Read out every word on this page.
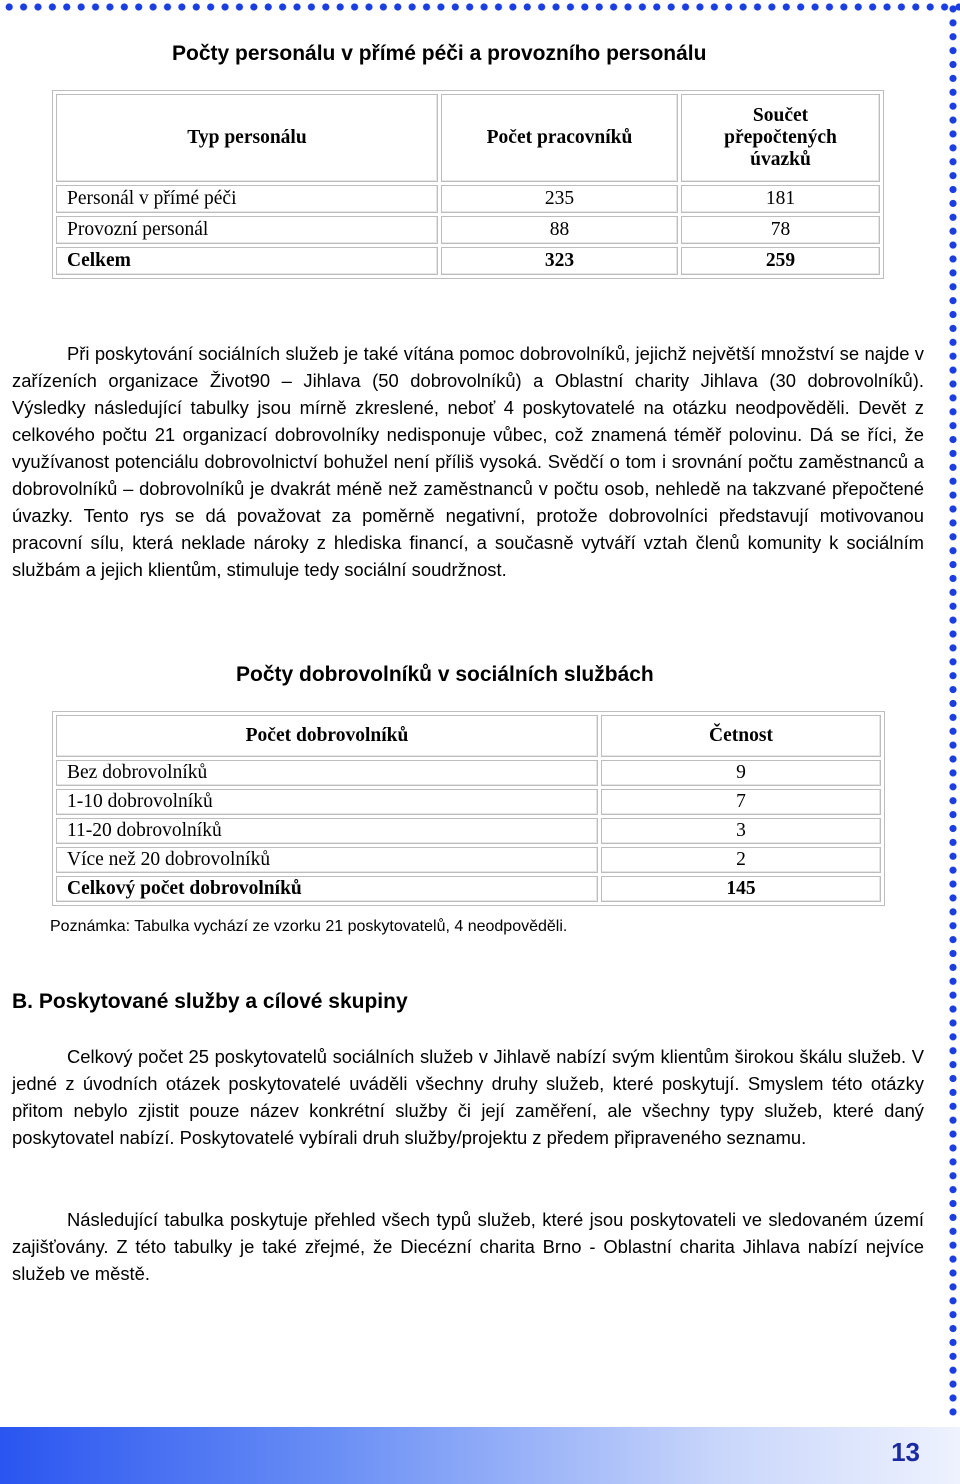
Počty personálu v přímé péči a provozního personálu
Typ personálu	Počet pracovníků	Součet přepočtených úvazků
Personál v přímé péči	235	181
Provozní personál	88	78
Celkem	323	259

Při poskytování sociálních služeb je také vítána pomoc dobrovolníků, jejichž největší množství se najde v zařízeních organizace Život90 – Jihlava (50 dobrovolníků) a Oblastní charity Jihlava (30 dobrovolníků). Výsledky následující tabulky jsou mírně zkreslené, neboť 4 poskytovatelé na otázku neodpověděli. Devět z celkového počtu 21 organizací dobrovolníky nedisponuje vůbec, což znamená téměř polovinu. Dá se říci, že využívanost potenciálu dobrovolnictví bohužel není příliš vysoká. Svědčí o tom i srovnání počtu zaměstnanců a dobrovolníků – dobrovolníků je dvakrát méně než zaměstnanců v počtu osob, nehledě na takzvané přepočtené úvazky. Tento rys se dá považovat za poměrně negativní, protože dobrovolníci představují motivovanou pracovní sílu, která neklade nároky z hlediska financí, a současně vytváří vztah členů komunity k sociálním službám a jejich klientům, stimuluje tedy sociální soudržnost.

Počty dobrovolníků v sociálních službách
Počet dobrovolníků	Četnost
Bez dobrovolníků	9
1-10 dobrovolníků	7
11-20 dobrovolníků	3
Více než 20 dobrovolníků	2
Celkový počet dobrovolníků	145
Poznámka: Tabulka vychází ze vzorku 21 poskytovatelů, 4 neodpověděli.
B. Poskytované služby a cílové skupiny

Celkový počet 25 poskytovatelů sociálních služeb v Jihlavě nabízí svým klientům širokou škálu služeb. V jedné z úvodních otázek poskytovatelé uváděli všechny druhy služeb, které poskytují. Smyslem této otázky přitom nebylo zjistit pouze název konkrétní služby či její zaměření, ale všechny typy služeb, které daný poskytovatel nabízí. Poskytovatelé vybírali druh služby/projektu z předem připraveného seznamu.

Následující tabulka poskytuje přehled všech typů služeb, které jsou poskytovateli ve sledovaném území zajišťovány. Z této tabulky je také zřejmé, že Diecézní charita Brno - Oblastní charita Jihlava nabízí nejvíce služeb ve městě.

13
